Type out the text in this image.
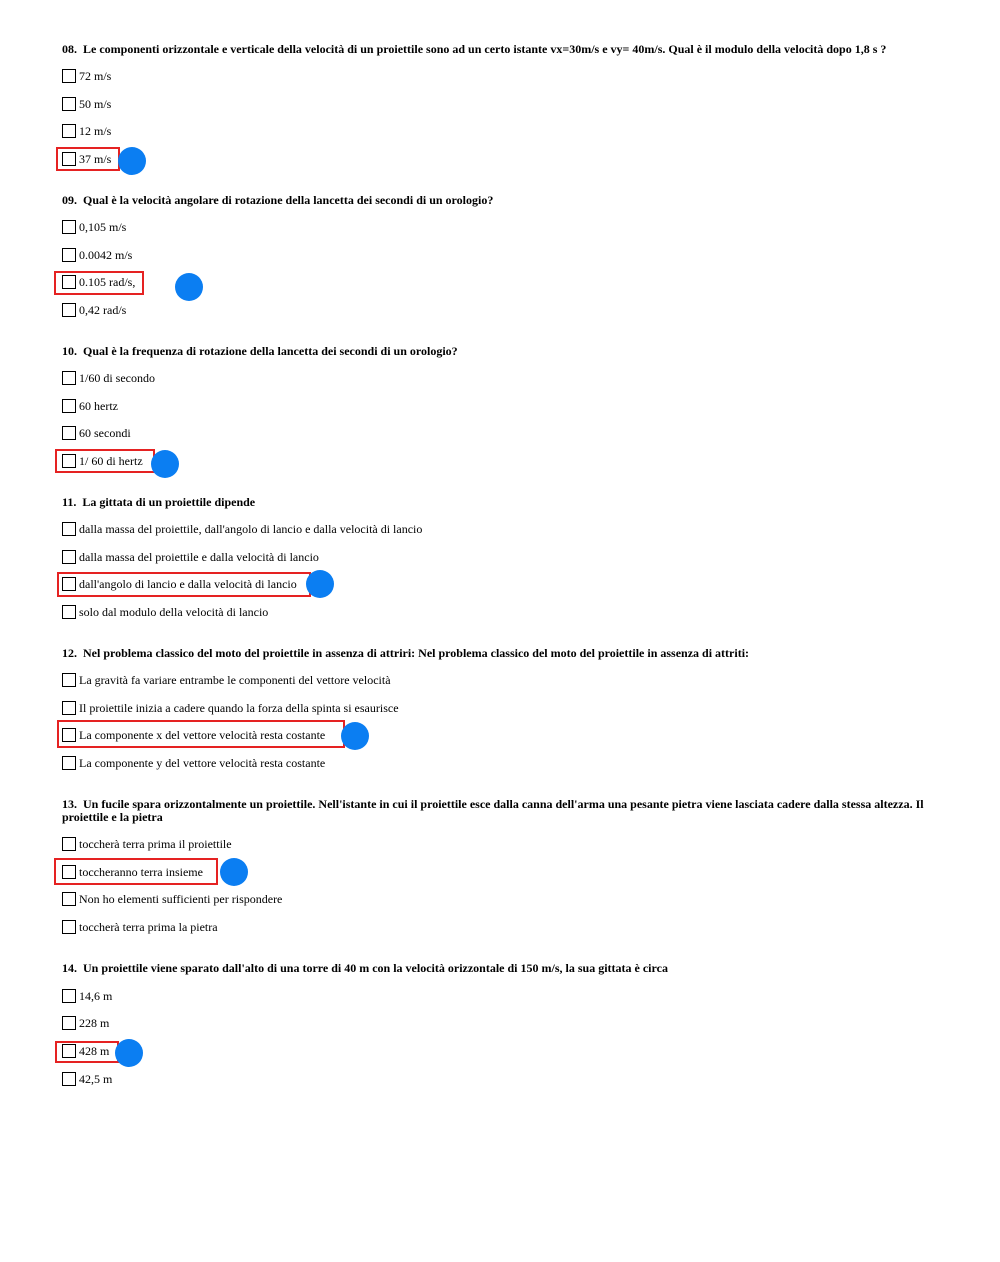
08. Le componenti orizzontale e verticale della velocità di un proiettile sono ad un certo istante vx=30m/s e vy= 40m/s. Qual è il modulo della velocità dopo 1,8 s ?

72 m/s
50 m/s
12 m/s
37 m/s

09. Qual è la velocità angolare di rotazione della lancetta dei secondi di un orologio?

0,105 m/s
0.0042 m/s
0.105 rad/s,
0,42 rad/s

10. Qual è la frequenza di rotazione della lancetta dei secondi di un orologio?

1/60 di secondo
60 hertz
60 secondi
1/ 60 di hertz

11. La gittata di un proiettile dipende

dalla massa del proiettile, dall'angolo di lancio e dalla velocità di lancio
dalla massa del proiettile e dalla velocità di lancio
dall'angolo di lancio e dalla velocità di lancio
solo dal modulo della velocità di lancio

12. Nel problema classico del moto del proiettile in assenza di attriri: Nel problema classico del moto del proiettile in assenza di attriti:

La gravità fa variare entrambe le componenti del vettore velocità
Il proiettile inizia a cadere quando la forza della spinta si esaurisce
La componente x del vettore velocità resta costante
La componente y del vettore velocità resta costante

13. Un fucile spara orizzontalmente un proiettile. Nell'istante in cui il proiettile esce dalla canna dell'arma una pesante pietra viene lasciata cadere dalla stessa altezza. Il proiettile e la pietra

toccherà terra prima il proiettile
toccheranno terra insieme
Non ho elementi sufficienti per rispondere
toccherà terra prima la pietra

14. Un proiettile viene sparato dall'alto di una torre di 40 m con la velocità orizzontale di 150 m/s, la sua gittata è circa

14,6 m
228 m
428 m
42,5 m
